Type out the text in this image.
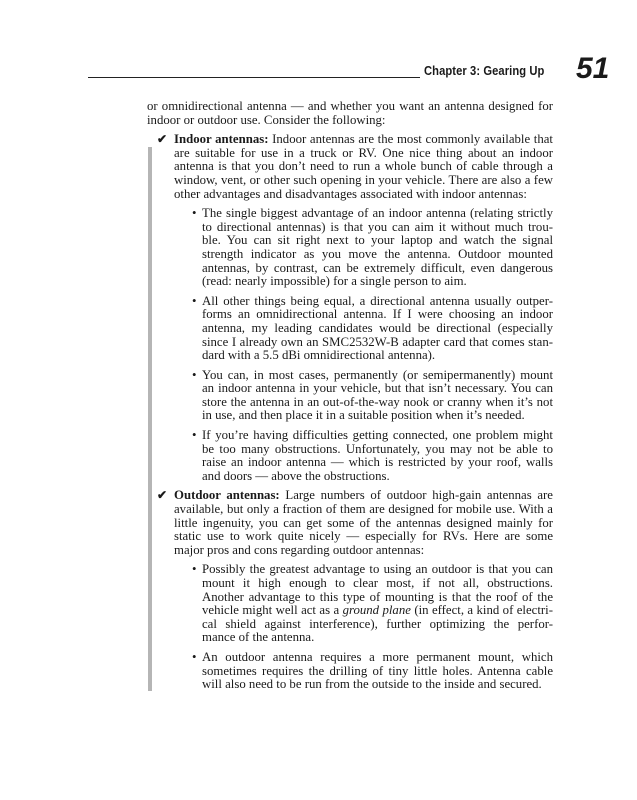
Chapter 3: Gearing Up 51
or omnidirectional antenna — and whether you want an antenna designed for
indoor or outdoor use. Consider the following:
✔ Indoor antennas: Indoor antennas are the most commonly available that
are suitable for use in a truck or RV. One nice thing about an indoor
antenna is that you don’t need to run a whole bunch of cable through a
window, vent, or other such opening in your vehicle. There are also a few
other advantages and disadvantages associated with indoor antennas:
• The single biggest advantage of an indoor antenna (relating strictly
to directional antennas) is that you can aim it without much trou-
ble. You can sit right next to your laptop and watch the signal
strength indicator as you move the antenna. Outdoor mounted
antennas, by contrast, can be extremely difficult, even dangerous
(read: nearly impossible) for a single person to aim.
• All other things being equal, a directional antenna usually outper-
forms an omnidirectional antenna. If I were choosing an indoor
antenna, my leading candidates would be directional (especially
since I already own an SMC2532W-B adapter card that comes stan-
dard with a 5.5 dBi omnidirectional antenna).
• You can, in most cases, permanently (or semipermanently) mount
an indoor antenna in your vehicle, but that isn’t necessary. You can
store the antenna in an out-of-the-way nook or cranny when it’s not
in use, and then place it in a suitable position when it’s needed.
• If you’re having difficulties getting connected, one problem might
be too many obstructions. Unfortunately, you may not be able to
raise an indoor antenna — which is restricted by your roof, walls
and doors — above the obstructions.
✔ Outdoor antennas: Large numbers of outdoor high-gain antennas are
available, but only a fraction of them are designed for mobile use. With a
little ingenuity, you can get some of the antennas designed mainly for
static use to work quite nicely — especially for RVs. Here are some
major pros and cons regarding outdoor antennas:
• Possibly the greatest advantage to using an outdoor is that you can
mount it high enough to clear most, if not all, obstructions.
Another advantage to this type of mounting is that the roof of the
vehicle might well act as a ground plane (in effect, a kind of electri-
cal shield against interference), further optimizing the perfor-
mance of the antenna.
• An outdoor antenna requires a more permanent mount, which
sometimes requires the drilling of tiny little holes. Antenna cable
will also need to be run from the outside to the inside and secured.
